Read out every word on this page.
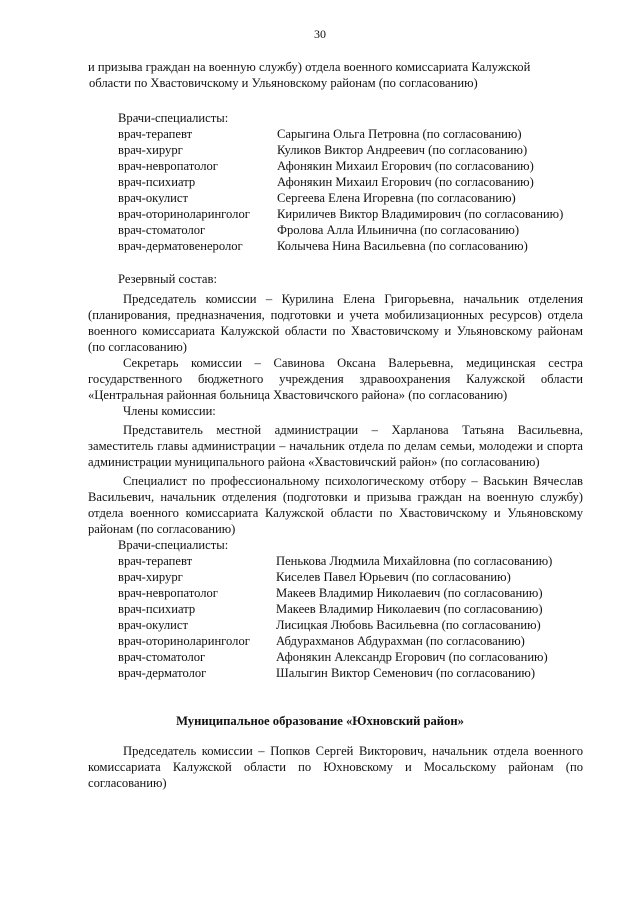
30
и призыва граждан на военную службу) отдела военного комиссариата Калужской
области по Хвастовичскому и Ульяновскому районам (по согласованию)
Врачи-специалисты:
врач-терапевт	Сарыгина Ольга Петровна (по согласованию)
врач-хирург	Куликов Виктор Андреевич (по согласованию)
врач-невропатолог	Афонякин Михаил Егорович (по согласованию)
врач-психиатр	Афонякин Михаил Егорович (по согласованию)
врач-окулист	Сергеева Елена Игоревна (по согласованию)
врач-оториноларинголог	Кириличев Виктор Владимирович (по согласованию)
врач-стоматолог	Фролова Алла Ильинична (по согласованию)
врач-дерматовенеролог	Колычева Нина Васильевна (по согласованию)
Резервный состав:

Председатель комиссии – Курилина Елена Григорьевна, начальник отделения (планирования, предназначения, подготовки и учета мобилизационных ресурсов) отдела военного комиссариата Калужской области по Хвастовичскому и Ульяновскому районам (по согласованию)

Секретарь комиссии – Савинова Оксана Валерьевна, медицинская сестра государственного бюджетного учреждения здравоохранения Калужской области «Центральная районная больница Хвастовичского района» (по согласованию)

Члены комиссии:

Представитель местной администрации – Харланова Татьяна Васильевна, заместитель главы администрации – начальник отдела по делам семьи, молодежи и спорта администрации муниципального района «Хвастовичский район» (по согласованию)

Специалист по профессиональному психологическому отбору – Васькин Вячеслав Васильевич, начальник отделения (подготовки и призыва граждан на военную службу) отдела военного комиссариата Калужской области по Хвастовичскому и Ульяновскому районам (по согласованию)

Врачи-специалисты:
врач-терапевт	Пенькова Людмила Михайловна (по согласованию)
врач-хирург	Киселев Павел Юрьевич (по согласованию)
врач-невропатолог	Макеев Владимир Николаевич (по согласованию)
врач-психиатр	Макеев Владимир Николаевич (по согласованию)
врач-окулист	Лисицкая Любовь Васильевна (по согласованию)
врач-оториноларинголог	Абдурахманов Абдурахман (по согласованию)
врач-стоматолог	Афонякин Александр Егорович (по согласованию)
врач-дерматолог	Шалыгин Виктор Семенович (по согласованию)
Муниципальное образование «Юхновский район»

Председатель комиссии – Попков Сергей Викторович, начальник отдела военного комиссариата Калужской области по Юхновскому и Мосальскому районам (по согласованию)
